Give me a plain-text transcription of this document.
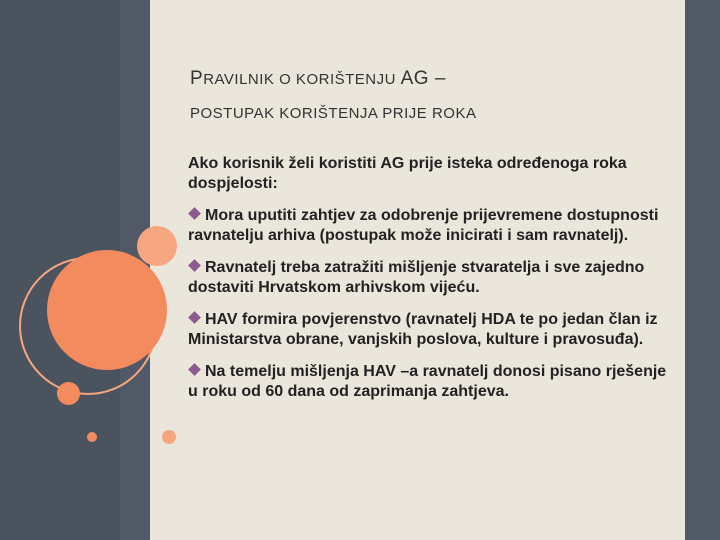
PRAVILNIK O KORIŠTENJU AG –
POSTUPAK KORIŠTENJA PRIJE ROKA

Ako korisnik želi koristiti AG prije isteka određenoga roka dospjelosti:

Mora uputiti zahtjev za odobrenje prijevremene dostupnosti ravnatelju arhiva (postupak može inicirati i sam ravnatelj).
Ravnatelj treba zatražiti mišljenje stvaratelja i sve zajedno dostaviti Hrvatskom arhivskom vijeću.
HAV formira povjerenstvo (ravnatelj HDA te po jedan član iz Ministarstva obrane, vanjskih poslova, kulture i pravosuđa).
Na temelju mišljenja HAV –a ravnatelj donosi pisano rješenje u roku od 60 dana od zaprimanja zahtjeva.
